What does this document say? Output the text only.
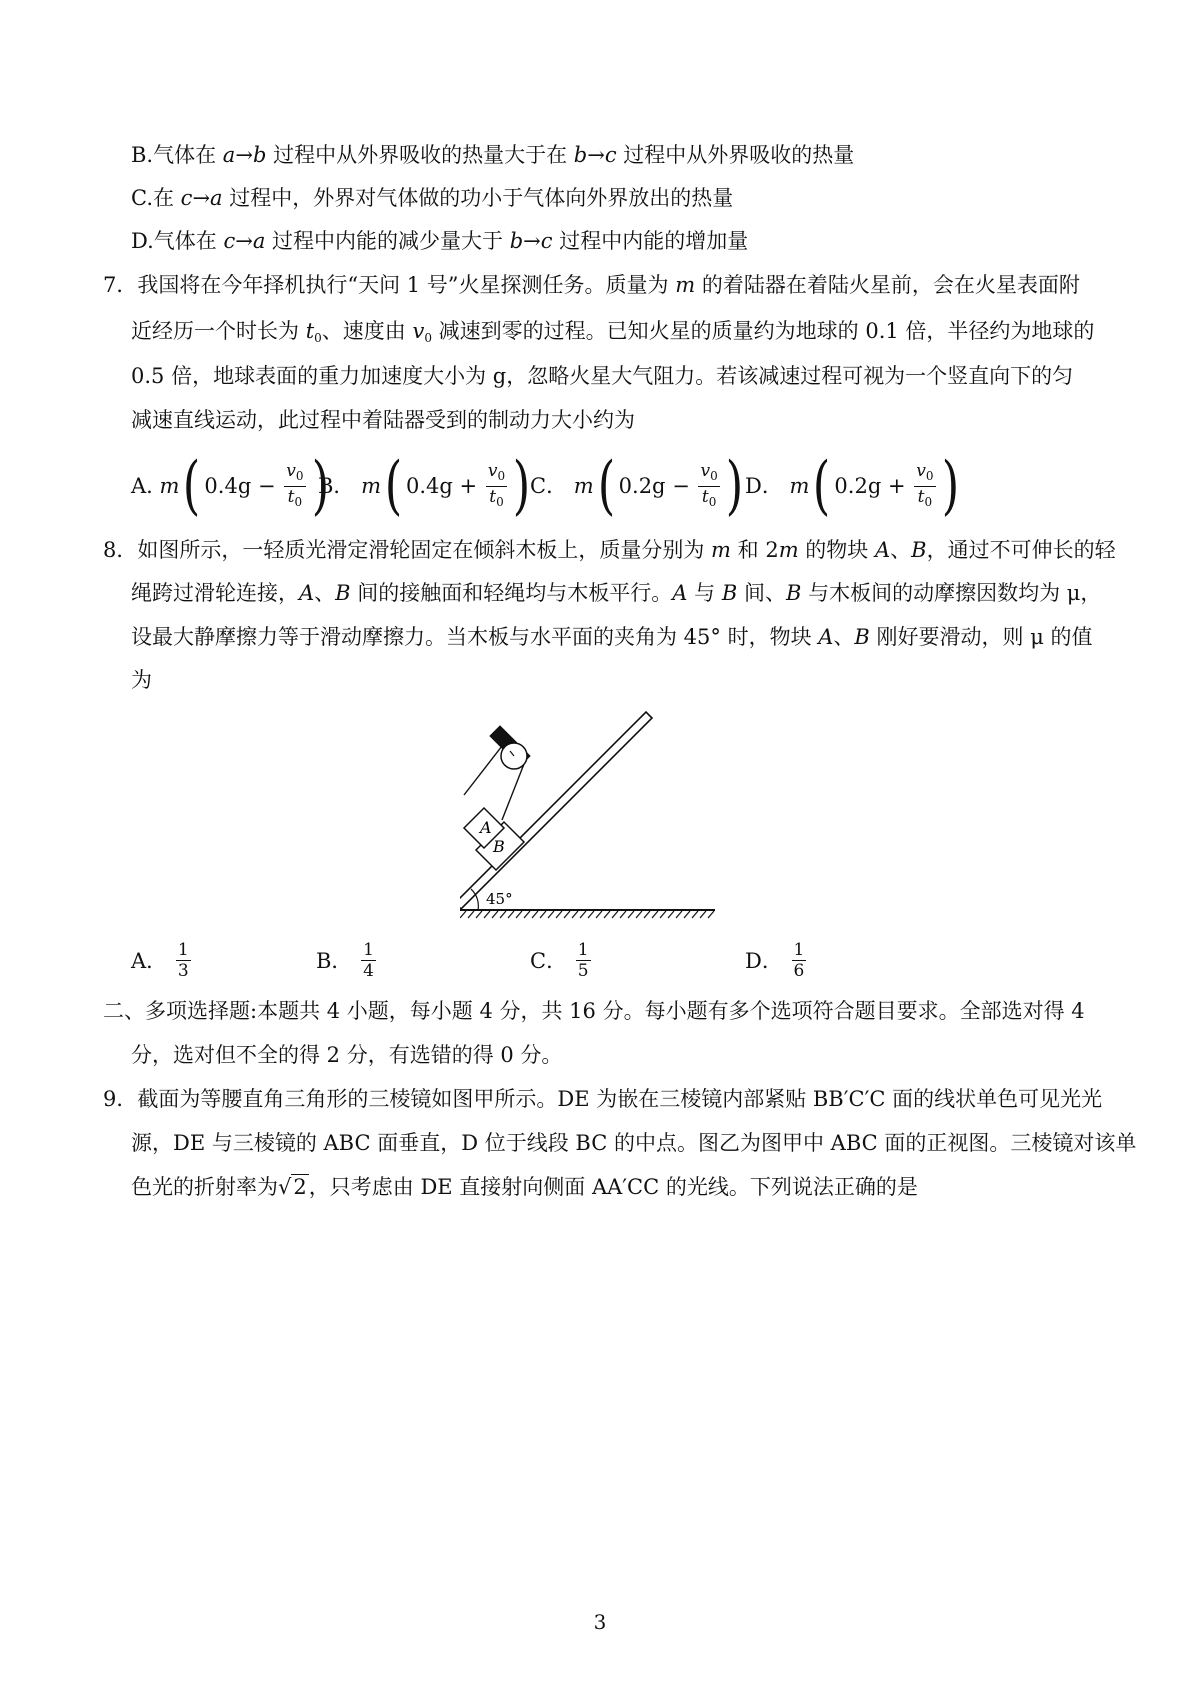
B.气体在 a→b 过程中从外界吸收的热量大于在 b→c 过程中从外界吸收的热量
C.在 c→a 过程中，外界对气体做的功小于气体向外界放出的热量
D.气体在 c→a 过程中内能的减少量大于 b→c 过程中内能的增加量
7．我国将在今年择机执行“天问 1 号”火星探测任务。质量为 m 的着陆器在着陆火星前，会在火星表面附
近经历一个时长为 $t_0$、速度由 $v_0$ 减速到零的过程。已知火星的质量约为地球的 0.1 倍，半径约为地球的
0.5 倍，地球表面的重力加速度大小为 g，忽略火星大气阻力。若该减速过程可视为一个竖直向下的匀
减速直线运动，此过程中着陆器受到的制动力大小约为
A.
m ( 0.4g
−
$\frac{v_0}{t_0}$ )
B．
m ( 0.4g
+
$\frac{v_0}{t_0}$ ) C．
m ( 0.2g
−
$\frac{v_0}{t_0}$ ) D．
m ( 0.2g
+
$\frac{v_0}{t_0}$ )
8．如图所示，一轻质光滑定滑轮固定在倾斜木板上，质量分别为 m 和 2m 的物块 A、B，通过不可伸长的轻
绳跨过滑轮连接，A、B 间的接触面和轻绳均与木板平行。A 与 B 间、B 与木板间的动摩擦因数均为 μ，
设最大静摩擦力等于滑动摩擦力。当木板与水平面的夹角为 45° 时，物块 A、B 刚好要滑动，则 μ 的值
为
A
B
45°
A．
$\frac{1}{3}$	B．
$\frac{1}{4}$	C．
$\frac{1}{5}$	D．
$\frac{1}{6}$
二、多项选择题:本题共 4 小题，每小题 4 分，共 16 分。每小题有多个选项符合题目要求。全部选对得 4
分，选对但不全的得 2 分，有选错的得 0 分。
9．截面为等腰直角三角形的三棱镜如图甲所示。DE 为嵌在三棱镜内部紧贴 BB′C′C 面的线状单色可见光光
源，DE 与三棱镜的 ABC 面垂直，D 位于线段 BC 的中点。图乙为图甲中 ABC 面的正视图。三棱镜对该单
色光的折射率为√2，只考虑由 DE 直接射向侧面 AA′CC 的光线。下列说法正确的是
3
